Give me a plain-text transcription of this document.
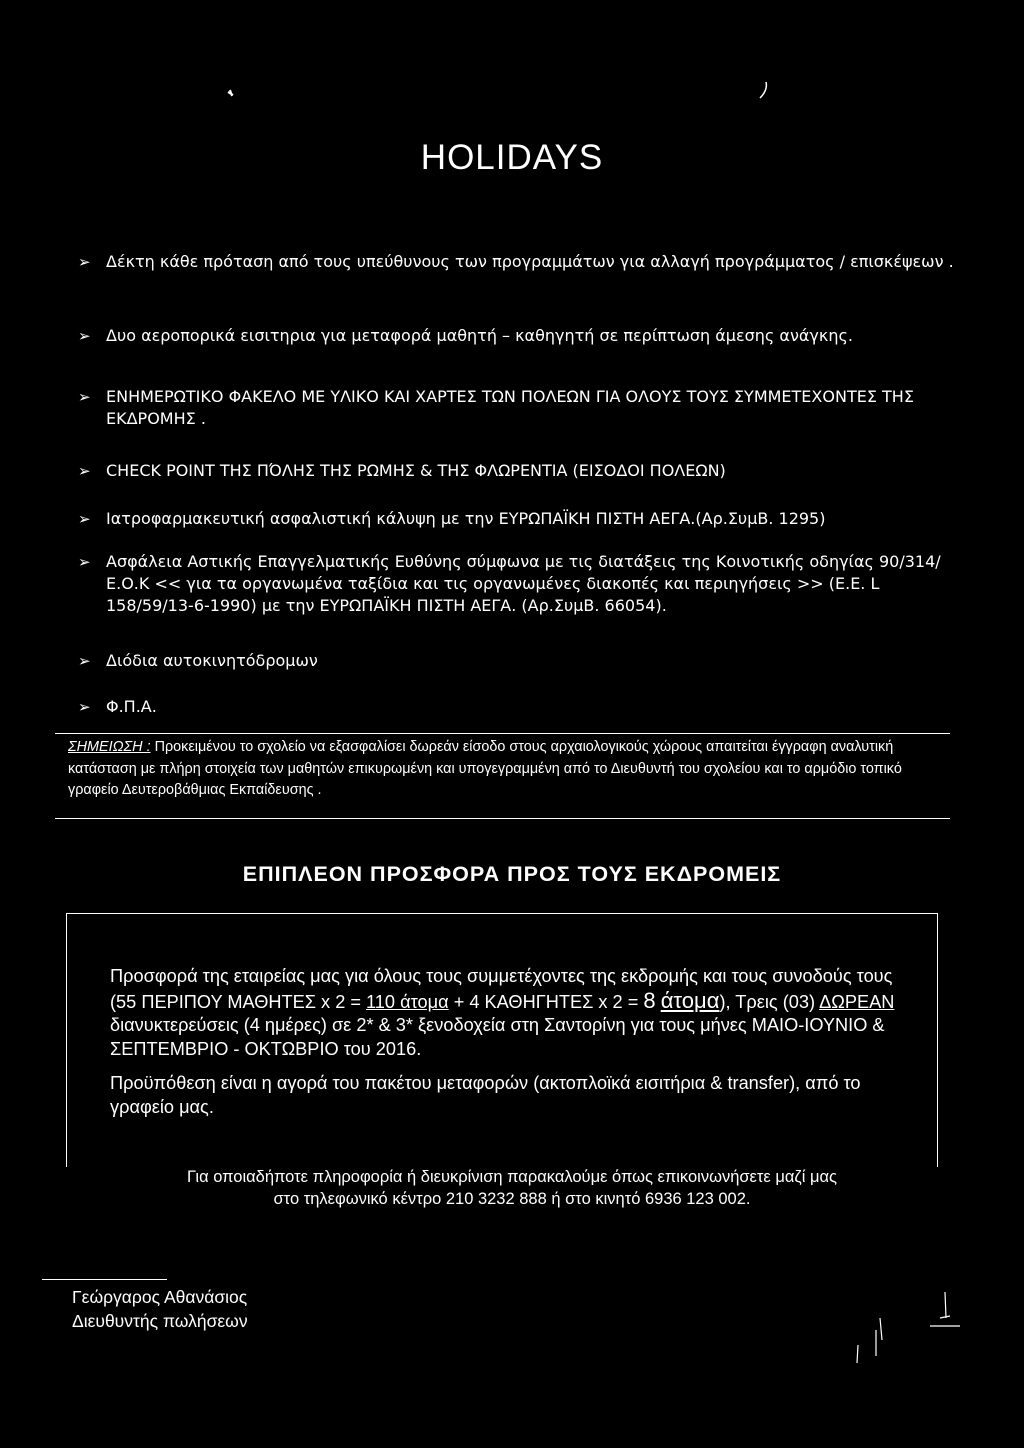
HOLIDAYS
➢ Δέκτη κάθε πρόταση από τους υπεύθυνους των προγραμμάτων για αλλαγή προγράμματος / επισκέψεων .
➢ Δυο αεροπορικά εισιτηρια για μεταφορά μαθητή – καθηγητή σε περίπτωση άμεσης ανάγκης.
➢ ΕΝΗΜΕΡΩΤΙΚΟ ΦΑΚΕΛΟ ΜΕ ΥΛΙΚΟ ΚΑΙ ΧΑΡΤΕΣ ΤΩΝ ΠΟΛΕΩΝ ΓΙΑ ΟΛΟΥΣ ΤΟΥΣ ΣΥΜΜΕΤΕΧΟΝΤΕΣ ΤΗΣ ΕΚΔΡΟΜΗΣ .
➢ CHECK POINT ΤΗΣ ΠΌΛΗΣ ΤΗΣ ΡΩΜΗΣ & ΤΗΣ ΦΛΩΡΕΝΤΙΑ (ΕΙΣΟΔΟΙ ΠΟΛΕΩΝ)
➢ Ιατροφαρμακευτική ασφαλιστική κάλυψη με την ΕΥΡΩΠΑΪΚΗ ΠΙΣΤΗ ΑΕΓΑ.(Αρ.ΣυμΒ. 1295)
➢ Ασφάλεια Αστικής Επαγγελματικής Ευθύνης σύμφωνα με τις διατάξεις της Κοινοτικής οδηγίας 90/314/Ε.Ο.Κ << για τα οργανωμένα ταξίδια και τις οργανωμένες διακοπές και περιηγήσεις >> (Ε.Ε. L 158/59/13-6-1990) με την ΕΥΡΩΠΑΪΚΗ ΠΙΣΤΗ ΑΕΓΑ. (Αρ.ΣυμΒ. 66054).
➢ Διόδια αυτοκινητόδρομων
➢ Φ.Π.Α.
ΣΗΜΕΙΩΣΗ : Προκειμένου το σχολείο να εξασφαλίσει δωρεάν είσοδο στους αρχαιολογικούς χώρους απαιτείται έγγραφη αναλυτική κατάσταση με πλήρη στοιχεία των μαθητών επικυρωμένη και υπογεγραμμένη από το Διευθυντή του σχολείου και το αρμόδιο τοπικό γραφείο Δευτεροβάθμιας Εκπαίδευσης .
ΕΠΙΠΛΕΟΝ ΠΡΟΣΦΟΡΑ ΠΡΟΣ ΤΟΥΣ ΕΚΔΡΟΜΕΙΣ

Προσφορά της εταιρείας μας για όλους τους συμμετέχοντες της εκδρομής και τους συνοδούς τους (55 ΠΕΡΙΠΟΥ ΜΑΘΗΤΕΣ x 2 = 110 άτομα + 4 ΚΑΘΗΓΗΤΕΣ x 2 = 8 άτομα), Τρεις (03) ΔΩΡΕΑΝ διανυκτερεύσεις (4 ημέρες) σε 2* & 3* ξενοδοχεία στη Σαντορίνη για τους μήνες ΜΑΙΟ-ΙΟΥΝΙΟ & ΣΕΠΤΕΜΒΡΙΟ - ΟΚΤΩΒΡΙΟ του 2016.

Προϋπόθεση είναι η αγορά του πακέτου μεταφορών (ακτοπλοϊκά εισιτήρια & transfer), από το γραφείο μας.

Για οποιαδήποτε πληροφορία ή διευκρίνιση παρακαλούμε όπως επικοινωνήσετε μαζί μας
στο τηλεφωνικό κέντρο 210 3232 888 ή στο κινητό 6936 123 002.
Γεώργαρος Αθανάσιος
Διευθυντής πωλήσεων
